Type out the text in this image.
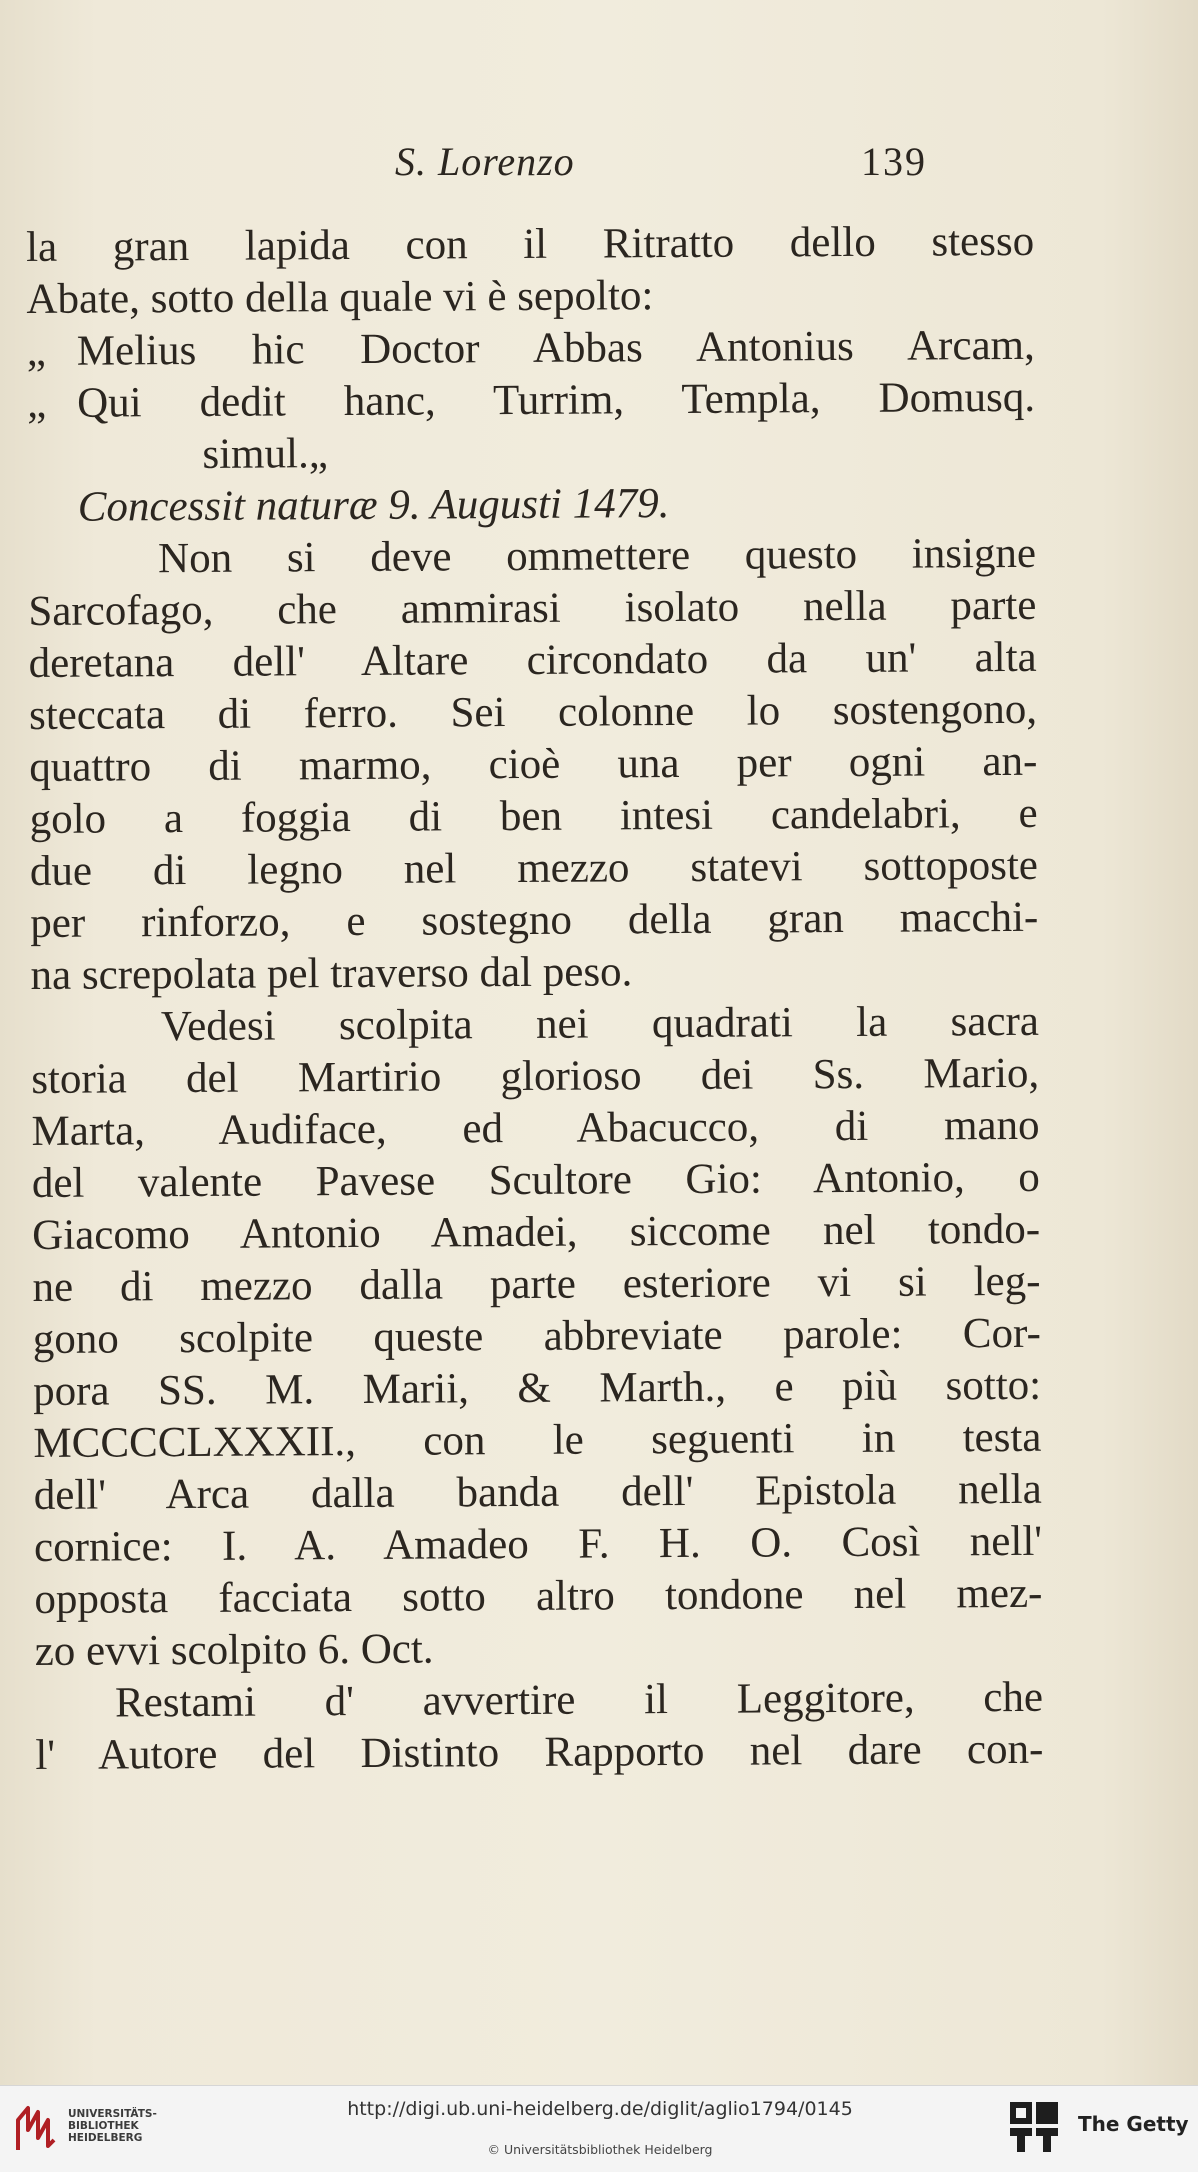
S. Lorenzo	139
la gran lapida con il Ritratto dello stesso
Abate, sotto della quale vi è sepolto:
„ Melius hic Doctor Abbas Antonius Arcam,
„ Qui dedit hanc, Turrim, Templa, Domusq.
simul.„
Concessit naturæ 9. Augusti 1479.
Non si deve ommettere questo insigne
Sarcofago, che ammirasi isolato nella parte
deretana dell' Altare circondato da un' alta
steccata di ferro. Sei colonne lo sostengono,
quattro di marmo, cioè una per ogni an-
golo a foggia di ben intesi candelabri, e
due di legno nel mezzo statevi sottoposte
per rinforzo, e sostegno della gran macchi-
na screpolata pel traverso dal peso.
Vedesi scolpita nei quadrati la sacra
storia del Martirio glorioso dei Ss. Mario,
Marta, Audiface, ed Abacucco, di mano
del valente Pavese Scultore Gio: Antonio, o
Giacomo Antonio Amadei, siccome nel tondo-
ne di mezzo dalla parte esteriore vi si leg-
gono scolpite queste abbreviate parole: Cor-
pora SS. M. Marii, & Marth., e più sotto:
MCCCCLXXXII., con le seguenti in testa
dell' Arca dalla banda dell' Epistola nella
cornice: I. A. Amadeo F. H. O. Così nell'
opposta facciata sotto altro tondone nel mez-
zo evvi scolpito 6. Oct.
Restami d' avvertire il Leggitore, che
l' Autore del Distinto Rapporto nel dare con-
UNIVERSITÄTS-
BIBLIOTHEK
HEIDELBERG
http://digi.ub.uni-heidelberg.de/diglit/aglio1794/0145
© Universitätsbibliothek Heidelberg
The Getty
